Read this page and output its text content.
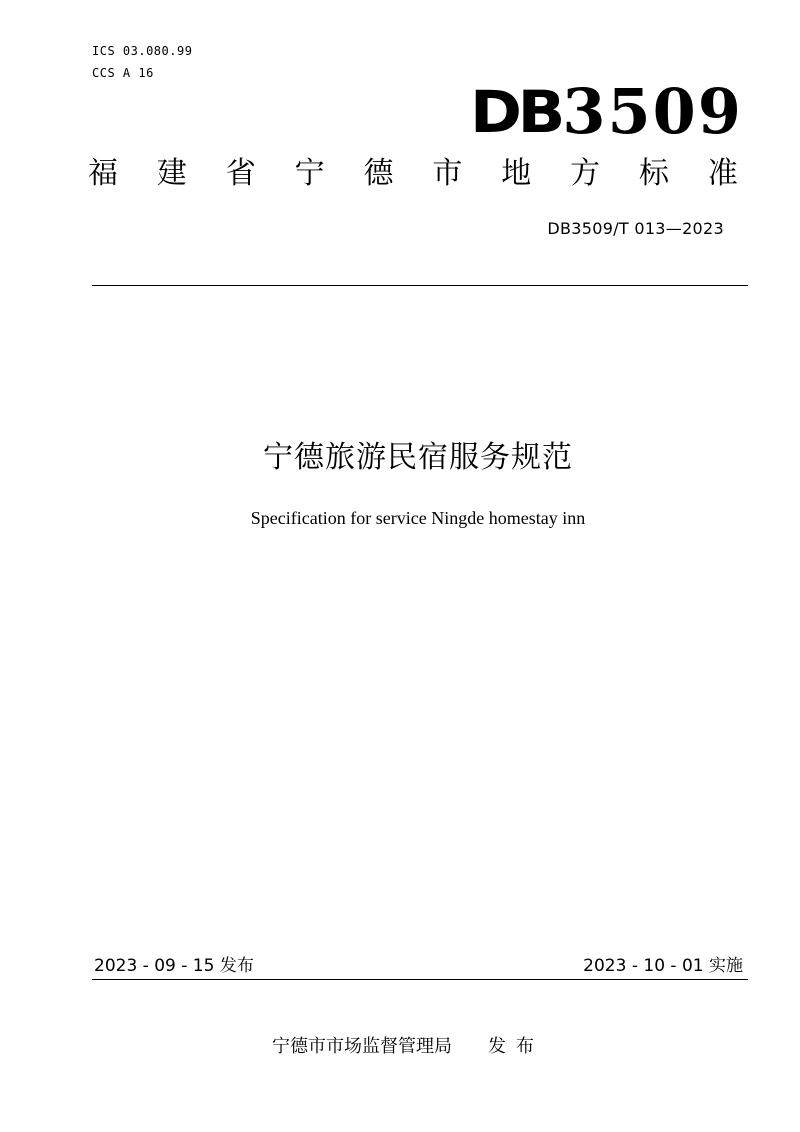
ICS 03.080.99
CCS A 16
DB 3509
福 建 省 宁 德 市 地 方 标 准
DB3509/T 013—2023
宁德旅游民宿服务规范
Specification for service Ningde homestay inn
2023 - 09 - 15 发布	2023 - 10 - 01 实施
宁德市市场监督管理局 发布
